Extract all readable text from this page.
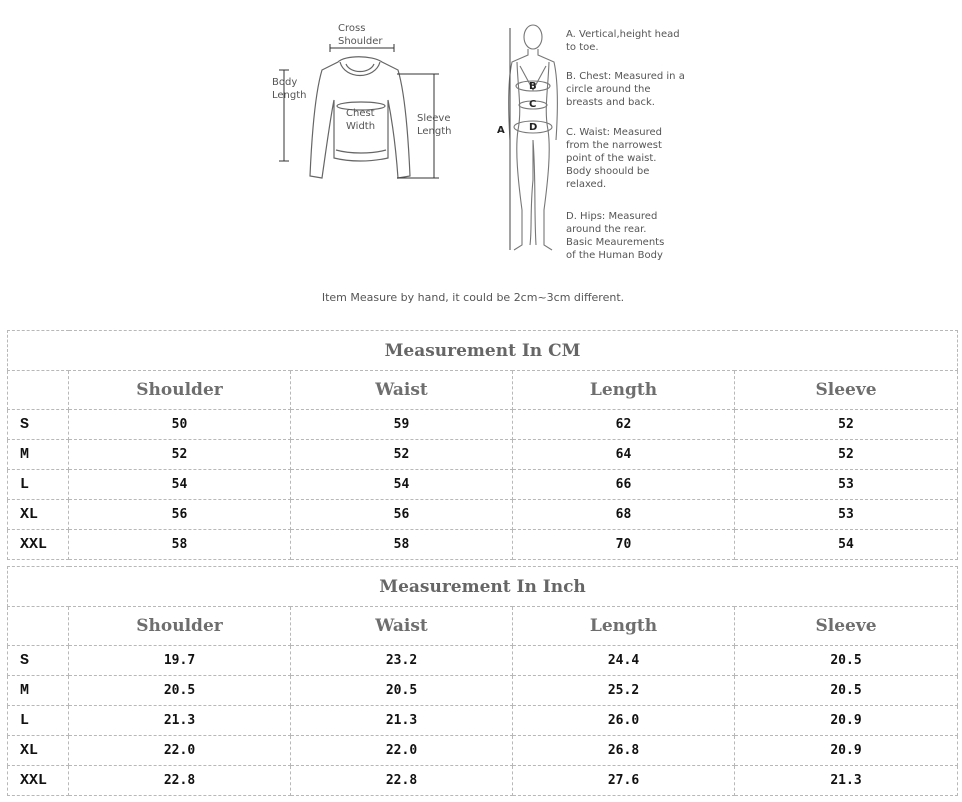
Cross
Shoulder
Body
Length
Chest
Width
Sleeve
Length	A
B
C
D
A. Vertical,height head
to toe.
B. Chest: Measured in a
circle around the
breasts and back.
C. Waist: Measured
from the narrowest
point of the waist.
Body shoould be
relaxed.
D. Hips: Measured
around the rear.
Basic Meaurements
of the Human Body
Item Measure by hand, it could be 2cm~3cm different.
Measurement In CM				
	Shoulder	Waist	Length	Sleeve
S	50	59	62	52
M	52	52	64	52
L	54	54	66	53
XL	56	56	68	53
XXL	58	58	70	54
Measurement In Inch				
	Shoulder	Waist	Length	Sleeve
S	19.7	23.2	24.4	20.5
M	20.5	20.5	25.2	20.5
L	21.3	21.3	26.0	20.9
XL	22.0	22.0	26.8	20.9
XXL	22.8	22.8	27.6	21.3
